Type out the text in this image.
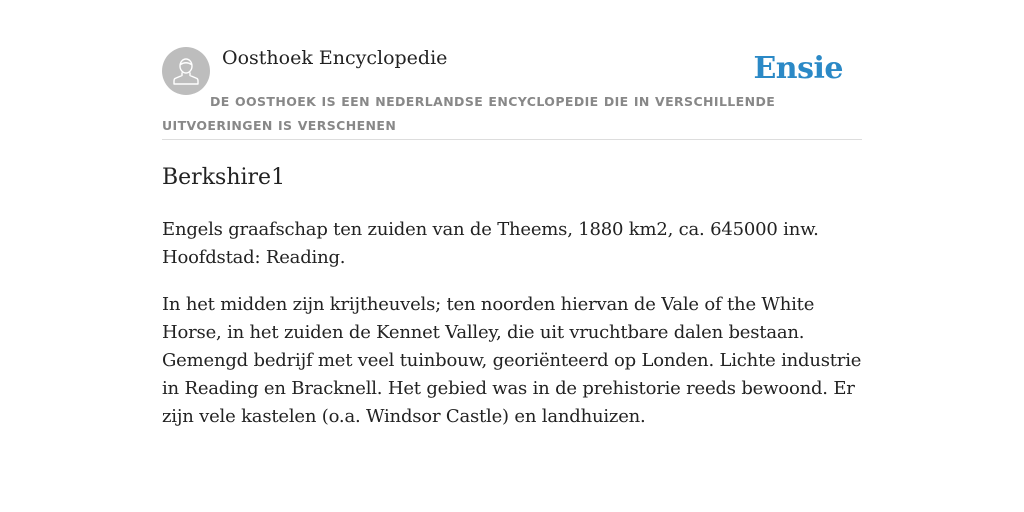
Oosthoek Encyclopedie	Ensie
DE OOSTHOEK IS EEN NEDERLANDSE ENCYCLOPEDIE DIE IN VERSCHILLENDE UITVOERINGEN IS VERSCHENEN
Berkshire1

Engels graafschap ten zuiden van de Theems, 1880 km2, ca. 645000 inw. Hoofdstad: Reading.

In het midden zijn krijtheuvels; ten noorden hiervan de Vale of the White Horse, in het zuiden de Kennet Valley, die uit vruchtbare dalen bestaan. Gemengd bedrijf met veel tuinbouw, georiënteerd op Londen. Lichte industrie in Reading en Bracknell. Het gebied was in de prehistorie reeds bewoond. Er zijn vele kastelen (o.a. Windsor Castle) en landhuizen.
